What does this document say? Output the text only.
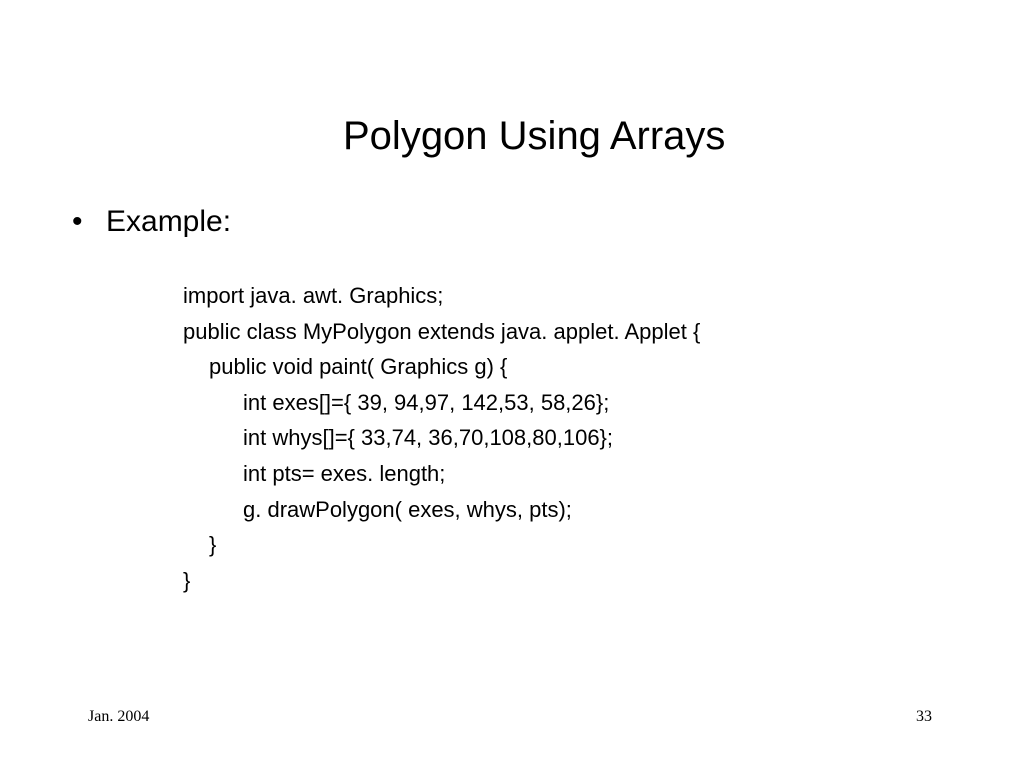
Polygon Using Arrays
• Example:
import java. awt. Graphics;
public class MyPolygon extends java. applet. Applet {
public void paint( Graphics g) {
int exes[]={ 39, 94,97, 142,53, 58,26};
int whys[]={ 33,74, 36,70,108,80,106};
int pts= exes. length;
g. drawPolygon( exes, whys, pts);
}
}
Jan. 2004	33
